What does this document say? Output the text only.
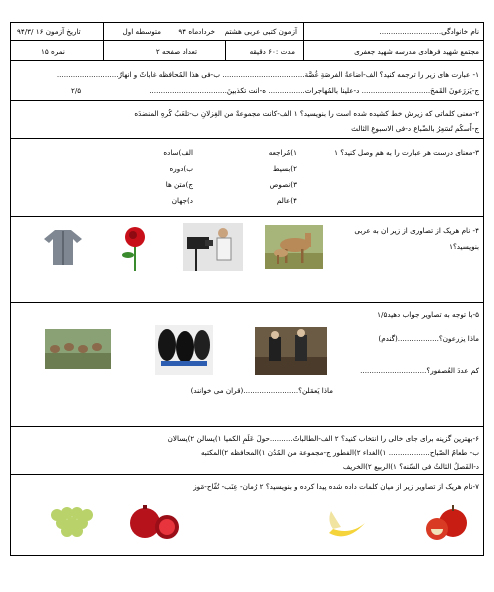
نام خانوادگی...........................
آزمون کتبی عربی هشتم
خردادماه ۹۴
متوسطه اول
تاریخ آزمون ۱۶ /۹۴/۳
مجتمع شهید فرهادی مدرسه شهید جعفری
مدت :۶۰ دقیقه
تعداد صفحه ۲
نمره ۱۵
۱- عبارت های زیر را ترجمه کنید؟ الف-اضاعةُ الفرصَةِ غُصَّة.................................... ب-فی هذا المُحافظه غاباتٌ و انهارٌ...........................
ج-یَزرَعونَ القَمحَ.............................. د-علینا بالمُهاجرات................ ه-انت تکذبینَ..................................
۲/۵
۲-معنی کلماتی که زیرش خط کشیده شده است را بنویسید؟ ۱ الف-کانت مجموعةٌ من الغِزلانِ ب-تلعَبُ کُرهِ المنضدَه
ج-أَسکُم تُسَعِرُ بالضّباع د-فی الاسبوعِ الثالث
۳-معنای درست هر عبارت را به هم وصل کنید؟ ۱
۱)مُراجعه
۲)بسیط
۳)نصوص
۴)عالم
الف)ساده
ب)دوره
ج)متن ها
د)جهان
۴- نام هریک از تصاوری از زیر ان به عربی
بنویسید؟۱
۵-با توجه به تصاویر جواب دهید۱/۵
ماذا یزرعون؟..................(گندم)
کم عددَ العُصفور؟.............................
ماذا یَعمَلن؟........................(قران می خوانند)
۶-بهترین گزینه برای جای خالی را انتخاب کنید؟ ۲ الف-الطالباتُ..........حولَ عَلَمِ الکمیا ۱)یسالن ۲)یسالان
ب- طعامُ الصّباح.................. ۱)الغداء ۲)الفطور ج-مجموعة من المُدُن ۱)المحافظه ۲)المکتبه
د-الفَصلُ الثالثُ فی السّنه؟ ۱)الربیع ۲)الخریف
۷-نام هریک از تصاویر زیر از میان کلمات داده شده پیدا کرده و بنویسید؟ ۲ رُمان- عِنَب- تُفّاح-مَوز
